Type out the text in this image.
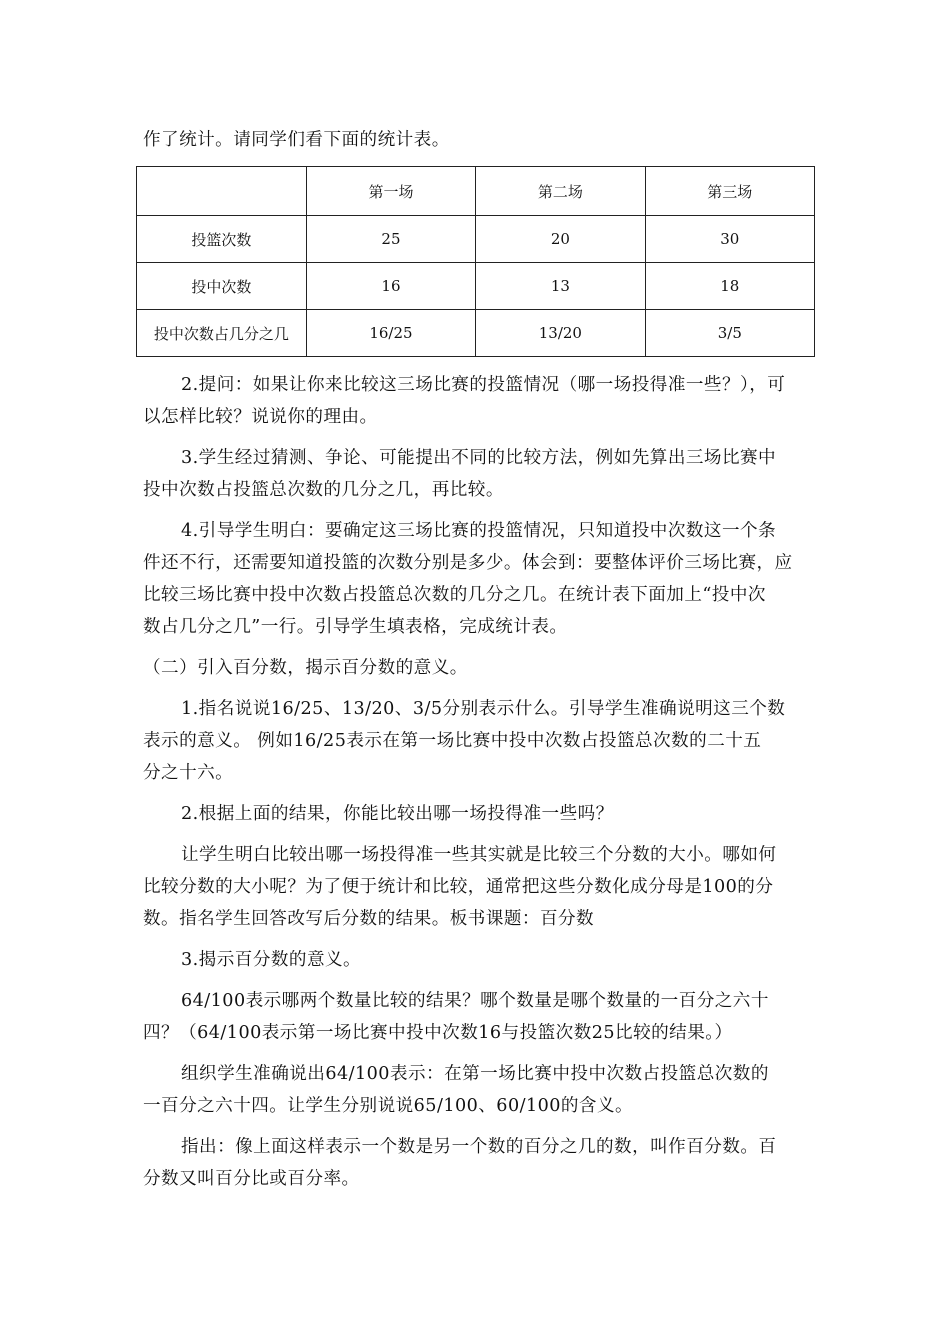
作了统计。请同学们看下面的统计表。
	第一场	第二场	第三场
投篮次数	25	20	30
投中次数	16	13	18
投中次数占几分之几	16/25	13/20	3/5
2.提问：如果让你来比较这三场比赛的投篮情况（哪一场投得准一些？），可
以怎样比较？说说你的理由。
3.学生经过猜测、争论、可能提出不同的比较方法，例如先算出三场比赛中
投中次数占投篮总次数的几分之几，再比较。
4.引导学生明白：要确定这三场比赛的投篮情况，只知道投中次数这一个条
件还不行，还需要知道投篮的次数分别是多少。体会到：要整体评价三场比赛，应
比较三场比赛中投中次数占投篮总次数的几分之几。在统计表下面加上“投中次
数占几分之几”一行。引导学生填表格，完成统计表。
（二）引入百分数，揭示百分数的意义。
1.指名说说16/25、13/20、3/5分别表示什么。引导学生准确说明这三个数
表示的意义。 例如16/25表示在第一场比赛中投中次数占投篮总次数的二十五
分之十六。
2.根据上面的结果，你能比较出哪一场投得准一些吗？
让学生明白比较出哪一场投得准一些其实就是比较三个分数的大小。哪如何
比较分数的大小呢？为了便于统计和比较，通常把这些分数化成分母是100的分
数。指名学生回答改写后分数的结果。板书课题：百分数
3.揭示百分数的意义。
64/100表示哪两个数量比较的结果？哪个数量是哪个数量的一百分之六十
四？（64/100表示第一场比赛中投中次数16与投篮次数25比较的结果。）
组织学生准确说出64/100表示：在第一场比赛中投中次数占投篮总次数的
一百分之六十四。让学生分别说说65/100、60/100的含义。
指出：像上面这样表示一个数是另一个数的百分之几的数，叫作百分数。百
分数又叫百分比或百分率。
